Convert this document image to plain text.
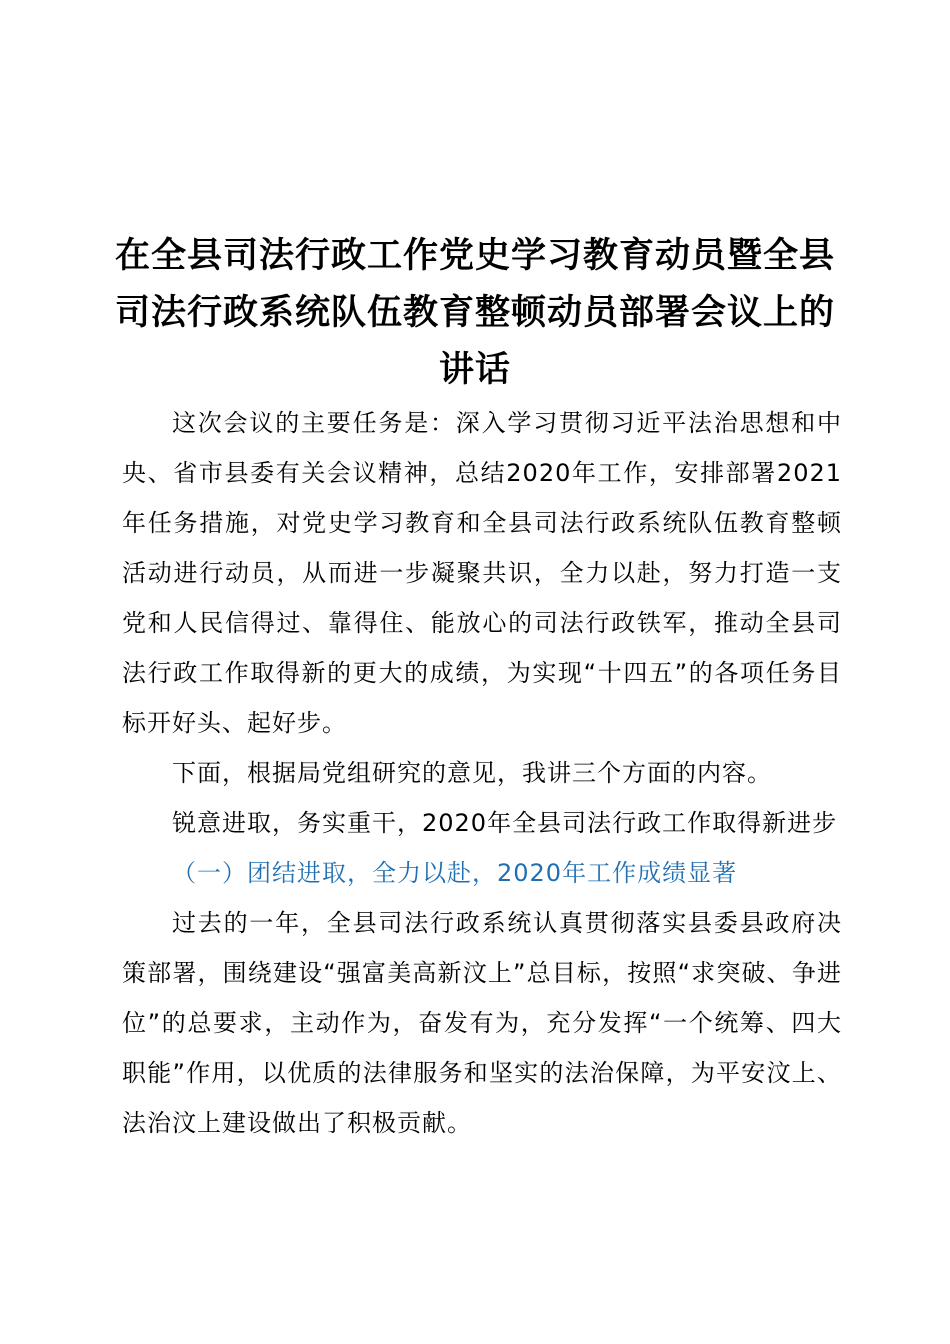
在全县司法行政工作党史学习教育动员暨全县
司法行政系统队伍教育整顿动员部署会议上的
讲话

这次会议的主要任务是：深入学习贯彻习近平法治思想和中央、省市县委有关会议精神，总结2020年工作，安排部署2021年任务措施，对党史学习教育和全县司法行政系统队伍教育整顿活动进行动员，从而进一步凝聚共识，全力以赴，努力打造一支党和人民信得过、靠得住、能放心的司法行政铁军，推动全县司法行政工作取得新的更大的成绩，为实现“十四五”的各项任务目标开好头、起好步。

下面，根据局党组研究的意见，我讲三个方面的内容。

锐意进取，务实重干，2020年全县司法行政工作取得新进步

（一）团结进取，全力以赴，2020年工作成绩显著

过去的一年，全县司法行政系统认真贯彻落实县委县政府决策部署，围绕建设“强富美高新汶上”总目标，按照“求突破、争进位”的总要求，主动作为，奋发有为，充分发挥“一个统筹、四大职能”作用，以优质的法律服务和坚实的法治保障，为平安汶上、法治汶上建设做出了积极贡献。
